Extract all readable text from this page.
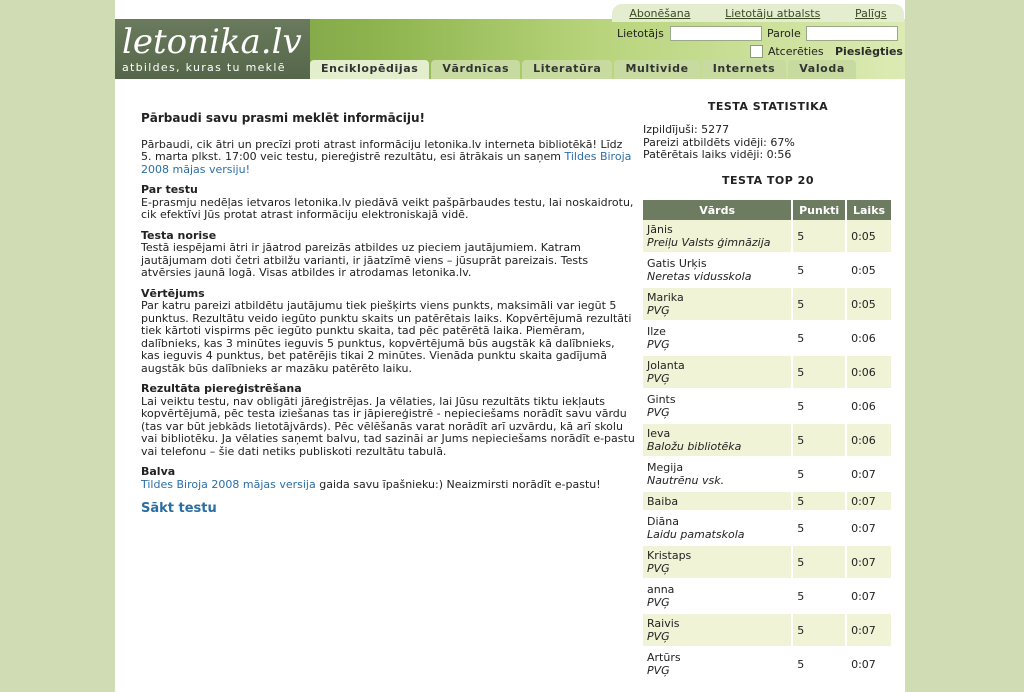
letonika.lv
atbildes, kuras tu meklē
Abonēšana	Lietotāju atbalsts	Palīgs
Lietotājs	Parole
Atcerēties Pieslēgties
Enciklopēdijas	Vārdnīcas	Literatūra	Multivide	Internets	Valoda
Pārbaudi savu prasmi meklēt informāciju!

Pārbaudi, cik ātri un precīzi proti atrast informāciju letonika.lv interneta bibliotēkā! Līdz 5. marta plkst. 17:00 veic testu, piereģistrē rezultātu, esi ātrākais un saņem Tildes Biroja 2008 mājas versiju!

Par testu

E-prasmju nedēļas ietvaros letonika.lv piedāvā veikt pašpārbaudes testu, lai noskaidrotu, cik efektīvi Jūs protat atrast informāciju elektroniskajā vidē.

Testa norise

Testā iespējami ātri ir jāatrod pareizās atbildes uz pieciem jautājumiem. Katram jautājumam doti četri atbilžu varianti, ir jāatzīmē viens – jūsuprāt pareizais. Tests atvērsies jaunā logā. Visas atbildes ir atrodamas letonika.lv.

Vērtējums

Par katru pareizi atbildētu jautājumu tiek piešķirts viens punkts, maksimāli var iegūt 5 punktus. Rezultātu veido iegūto punktu skaits un patērētais laiks. Kopvērtējumā rezultāti tiek kārtoti vispirms pēc iegūto punktu skaita, tad pēc patērētā laika. Piemēram, dalībnieks, kas 3 minūtes ieguvis 5 punktus, kopvērtējumā būs augstāk kā dalībnieks, kas ieguvis 4 punktus, bet patērējis tikai 2 minūtes. Vienāda punktu skaita gadījumā augstāk būs dalībnieks ar mazāku patērēto laiku.

Rezultāta piereģistrēšana

Lai veiktu testu, nav obligāti jāreģistrējas. Ja vēlaties, lai Jūsu rezultāts tiktu iekļauts kopvērtējumā, pēc testa iziešanas tas ir jāpiereģistrē - nepieciešams norādīt savu vārdu (tas var būt jebkāds lietotājvārds). Pēc vēlēšanās varat norādīt arī uzvārdu, kā arī skolu vai bibliotēku. Ja vēlaties saņemt balvu, tad sazināi ar Jums nepieciešams norādīt e-pastu vai telefonu – šie dati netiks publiskoti rezultātu tabulā.

Balva

Tildes Biroja 2008 mājas versija gaida savu īpašnieku:) Neaizmirsti norādīt e-pastu!

Sākt testu
TESTA STATISTIKA
Izpildījuši: 5277
Pareizi atbildēts vidēji: 67%
Patērētais laiks vidēji: 0:56
TESTA TOP 20
Vārds	Punkti	Laiks

Jānis
Preiļu Valsts ģimnāzija	5	0:05

Gatis Urķis
Neretas vidusskola	5	0:05

Marika
PVĢ	5	0:05

Ilze
PVĢ	5	0:06

Jolanta
PVĢ	5	0:06

Gints
PVĢ	5	0:06

Ieva
Baložu bibliotēka	5	0:06

Megija
Nautrēnu vsk.	5	0:07

Baiba	5	0:07

Diāna
Laidu pamatskola	5	0:07

Kristaps
PVĢ	5	0:07

anna
PVĢ	5	0:07

Raivis
PVĢ	5	0:07

Artūrs
PVĢ	5	0:07
